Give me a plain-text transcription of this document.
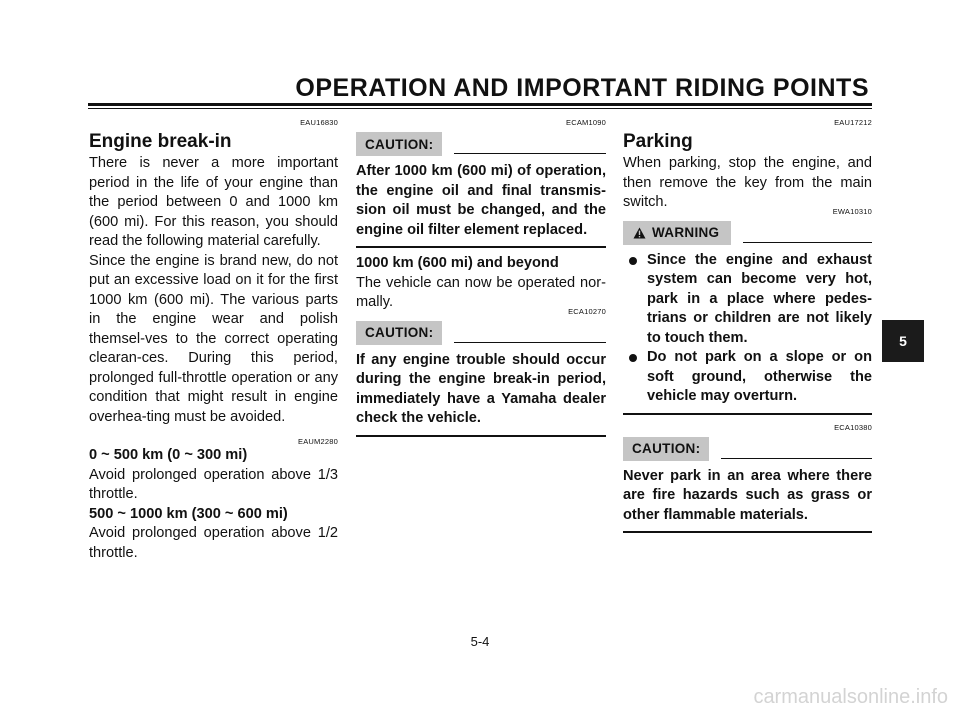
OPERATION AND IMPORTANT RIDING POINTS
EAU16830
Engine break-in

There is never a more important period in the life of your engine than the period between 0 and 1000 km (600 mi). For this reason, you should read the following material carefully.

Since the engine is brand new, do not put an excessive load on it for the first 1000 km (600 mi). The various parts in the engine wear and polish themsel-ves to the correct operating clearan-ces. During this period, prolonged full-throttle operation or any condition that might result in engine overhea-ting must be avoided.

EAUM2280

0 ~ 500 km (0 ~ 300 mi)

Avoid prolonged operation above 1/3 throttle.

500 ~ 1000 km (300 ~ 600 mi)

Avoid prolonged operation above 1/2 throttle.

ECAM1090
CAUTION:

After 1000 km (600 mi) of operation, the engine oil and final transmis-sion oil must be changed, and the engine oil filter element replaced.

1000 km (600 mi) and beyond

The vehicle can now be operated nor-mally.

ECA10270
CAUTION:

If any engine trouble should occur during the engine break-in period, immediately have a Yamaha dealer check the vehicle.

EAU17212
Parking

When parking, stop the engine, and then remove the key from the main switch.

EWA10310
WARNING
Since the engine and exhaust system can become very hot, park in a place where pedes-trians or children are not likely to touch them.
Do not park on a slope or on soft ground, otherwise the vehicle may overturn.
ECA10380
CAUTION:

Never park in an area where there are fire hazards such as grass or other flammable materials.

5
5-4
carmanualsonline.info
